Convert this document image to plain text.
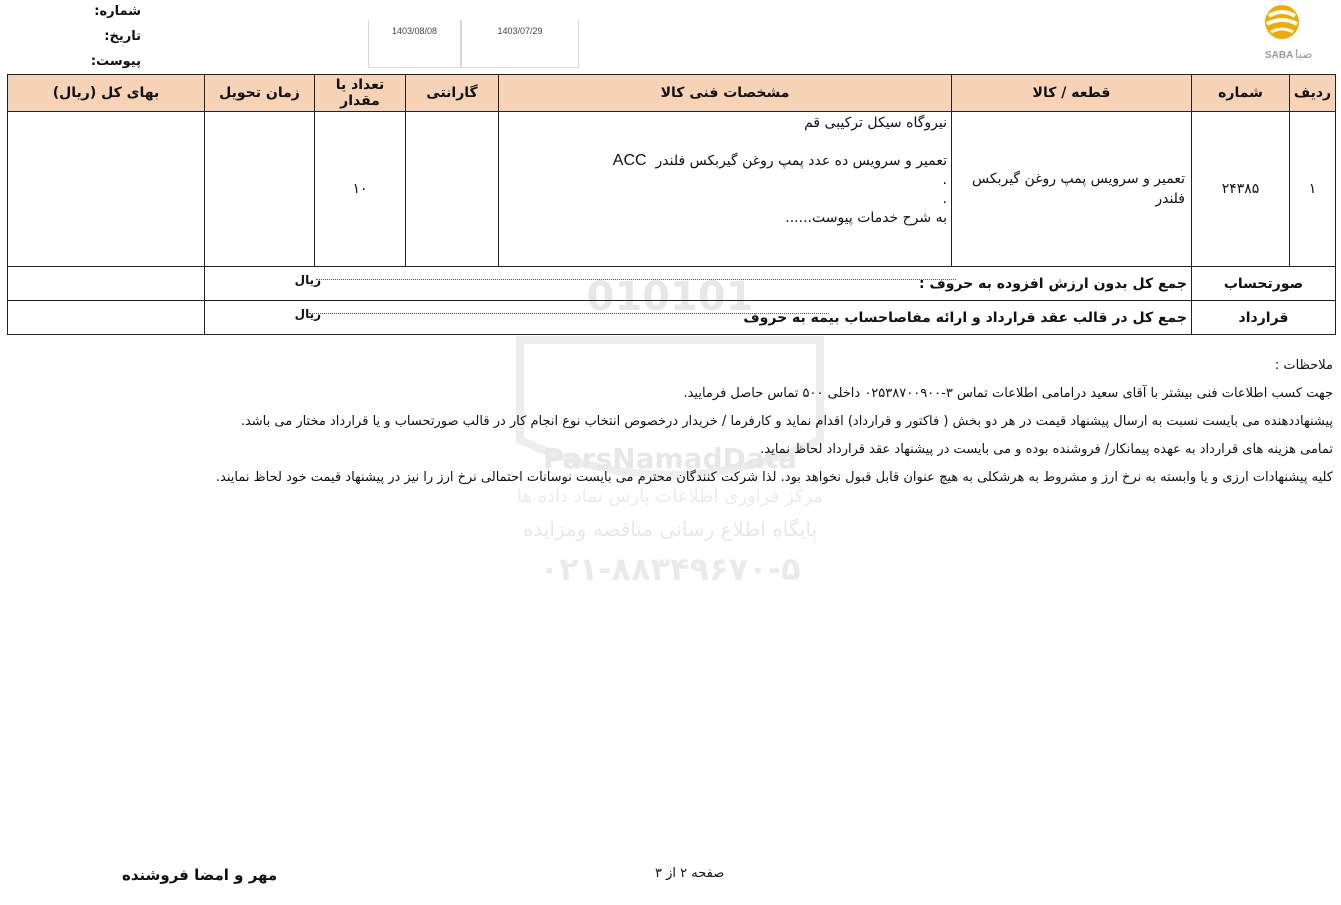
شماره:
تاریخ:
پیوست:
1403/08/08	1403/07/29
SABA صبا
010101
ParsNamadData
مرکز فراوری اطلاعات پارس نماد داده ها
پایگاه اطلاع رسانی مناقصه ومزایده
۰۲۱-۸۸۳۴۹۶۷۰-۵
ردیف	شماره	قطعه / کالا	مشخصات فنی کالا	گارانتی	تعداد یا مقدار	زمان تحویل	بهای کل (ریال)
۱	۲۴۳۸۵	تعمیر و سرویس پمپ روغن گیربکس فلندر	نیروگاه سیکل ترکیبی قم
تعمیر و سرویس ده عدد پمپ روغن گیربکس فلندر  ACC
.
.
به شرح خدمات پیوست......		۱۰		
صورتحساب		جمع کل بدون ارزش افزوده به حروف :
ریال					

قرارداد		جمع کل در قالب عقد قرارداد و ارائه مفاصاحساب بیمه به حروف
ریال					

ملاحظات :
جهت کسب اطلاعات فنی بیشتر با آقای سعید درامامی اطلاعات تماس ۳-۰۲۵۳۸۷۰۰۹۰۰ داخلی ۵۰۰ تماس حاصل فرمایید.
پیشنهاددهنده می بایست نسبت به ارسال پیشنهاد قیمت در هر دو بخش ( فاکتور و قرارداد) اقدام نماید و کارفرما / خریدار درخصوص انتخاب نوع انجام کار در قالب صورتحساب و یا قرارداد مختار می باشد.
تمامی هزینه های قرارداد به عهده پیمانکار/ فروشنده بوده و می بایست در پیشنهاد عقد قرارداد لحاظ نماید.
کلیه پیشنهادات ارزی و یا وابسته به نرخ ارز و مشروط به هرشکلی به هیچ عنوان قابل قبول نخواهد بود. لذا شرکت کنندگان محترم می بایست نوسانات احتمالی نرخ ارز را نیز در پیشنهاد قیمت خود لحاظ نمایند.
صفحه ۲ از ۳
مهر و امضا فروشنده
